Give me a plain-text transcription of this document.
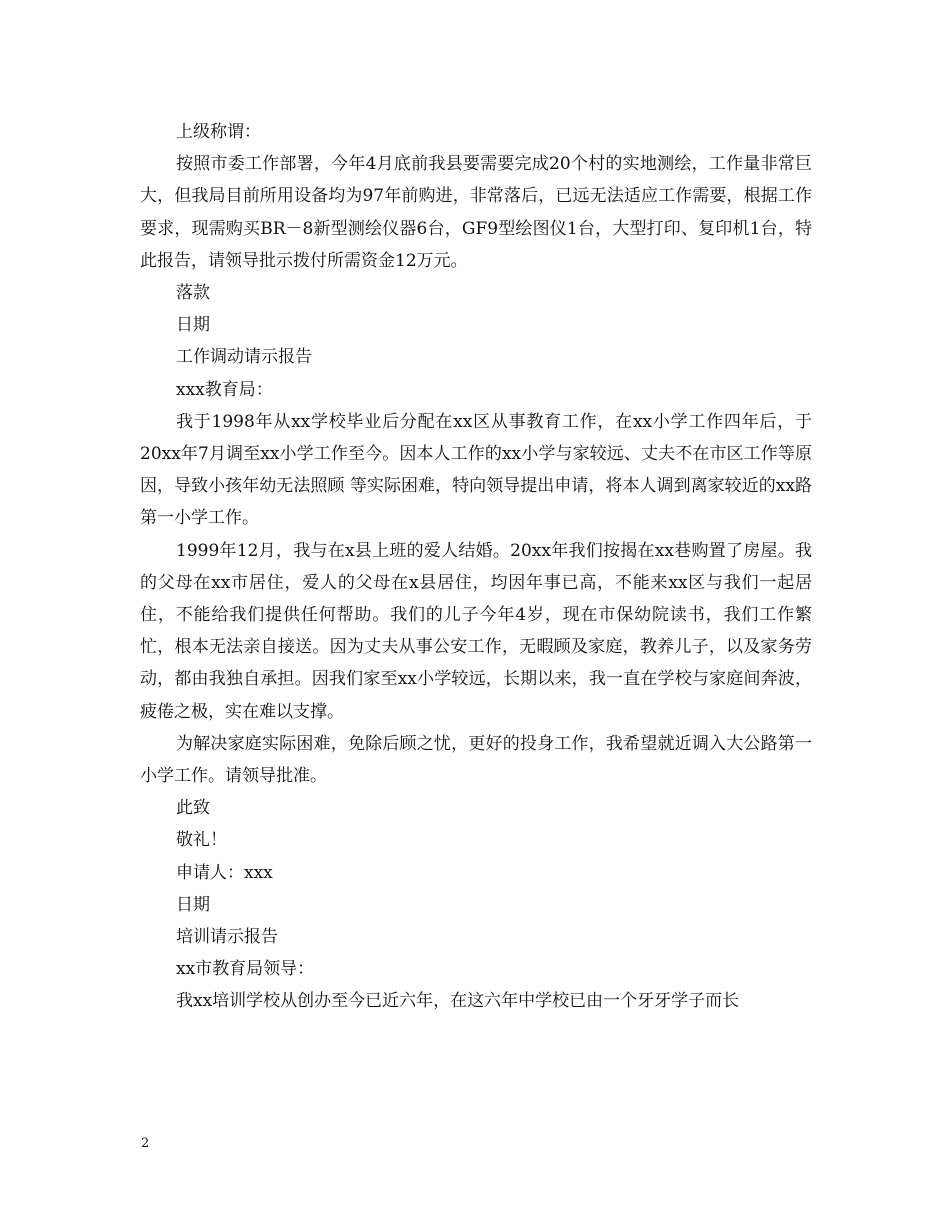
上级称谓：

按照市委工作部署，今年4月底前我县要需要完成20个村的实地测绘，工作量非常巨大，但我局目前所用设备均为97年前购进，非常落后，已远无法适应工作需要，根据工作要求，现需购买BR－8新型测绘仪器6台，GF9型绘图仪1台，大型打印、复印机1台，特此报告，请领导批示拨付所需资金12万元。

落款

日期

工作调动请示报告

xxx教育局：

我于1998年从xx学校毕业后分配在xx区从事教育工作，在xx小学工作四年后，于20xx年7月调至xx小学工作至今。因本人工作的xx小学与家较远、丈夫不在市区工作等原因，导致小孩年幼无法照顾 等实际困难，特向领导提出申请，将本人调到离家较近的xx路第一小学工作。

1999年12月，我与在x县上班的爱人结婚。20xx年我们按揭在xx巷购置了房屋。我的父母在xx市居住，爱人的父母在x县居住，均因年事已高，不能来xx区与我们一起居住，不能给我们提供任何帮助。我们的儿子今年4岁，现在市保幼院读书，我们工作繁忙，根本无法亲自接送。因为丈夫从事公安工作，无暇顾及家庭，教养儿子，以及家务劳动，都由我独自承担。因我们家至xx小学较远，长期以来，我一直在学校与家庭间奔波，疲倦之极，实在难以支撑。

为解决家庭实际困难，免除后顾之忧，更好的投身工作，我希望就近调入大公路第一小学工作。请领导批准。

此致

敬礼！

申请人：xxx

日期

培训请示报告

xx市教育局领导：

我xx培训学校从创办至今已近六年，在这六年中学校已由一个牙牙学子而长

2
